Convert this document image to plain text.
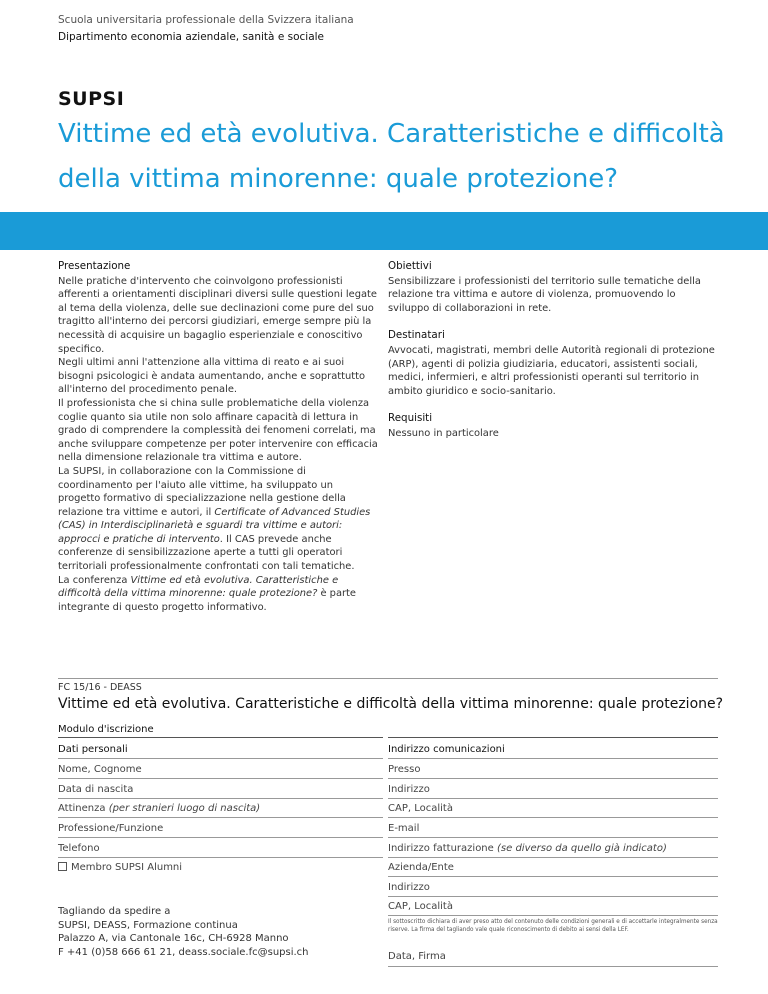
Scuola universitaria professionale della Svizzera italiana
Dipartimento economia aziendale, sanità e sociale
SUPSI
Vittime ed età evolutiva. Caratteristiche e difficoltà della vittima minorenne: quale protezione?
Presentazione

Nelle pratiche d'intervento che coinvolgono professionisti afferenti a orientamenti disciplinari diversi sulle questioni legate al tema della violenza, delle sue declinazioni come pure del suo tragitto all'interno dei percorsi giudiziari, emerge sempre più la necessità di acquisire un bagaglio esperienziale e conoscitivo specifico.

Negli ultimi anni l'attenzione alla vittima di reato e ai suoi bisogni psicologici è andata aumentando, anche e soprattutto all'interno del procedimento penale.

Il professionista che si china sulle problematiche della violenza coglie quanto sia utile non solo affinare capacità di lettura in grado di comprendere la complessità dei fenomeni correlati, ma anche sviluppare competenze per poter intervenire con efficacia nella dimensione relazionale tra vittima e autore.

La SUPSI, in collaborazione con la Commissione di coordinamento per l'aiuto alle vittime, ha sviluppato un progetto formativo di specializzazione nella gestione della relazione tra vittime e autori, il Certificate of Advanced Studies (CAS) in Interdisciplinarietà e sguardi tra vittime e autori: approcci e pratiche di intervento. Il CAS prevede anche conferenze di sensibilizzazione aperte a tutti gli operatori territoriali professionalmente confrontati con tali tematiche.

La conferenza Vittime ed età evolutiva. Caratteristiche e difficoltà della vittima minorenne: quale protezione? è parte integrante di questo progetto informativo.

Obiettivi

Sensibilizzare i professionisti del territorio sulle tematiche della relazione tra vittima e autore di violenza, promuovendo lo sviluppo di collaborazioni in rete.

Destinatari

Avvocati, magistrati, membri delle Autorità regionali di protezione (ARP), agenti di polizia giudiziaria, educatori, assistenti sociali, medici, infermieri, e altri professionisti operanti sul territorio in ambito giuridico e socio-sanitario.

Requisiti

Nessuno in particolare

FC 15/16 - DEASS
Vittime ed età evolutiva. Caratteristiche e difficoltà della vittima minorenne: quale protezione?
Modulo d'iscrizione
Dati personali
Nome, Cognome
Data di nascita
Attinenza (per stranieri luogo di nascita)
Professione/Funzione
Telefono
Membro SUPSI Alumni
Tagliando da spedire a
SUPSI, DEASS, Formazione continua
Palazzo A, via Cantonale 16c, CH-6928 Manno
F +41 (0)58 666 61 21, deass.sociale.fc@supsi.ch
Indirizzo comunicazioni
Presso
Indirizzo
CAP, Località
E-mail
Indirizzo fatturazione (se diverso da quello già indicato)
Azienda/Ente
Indirizzo
CAP, Località
Il sottoscritto dichiara di aver preso atto del contenuto delle condizioni generali e di accettarle integralmente senza riserve. La firma del tagliando vale quale riconoscimento di debito ai sensi della LEF.
Data, Firma
